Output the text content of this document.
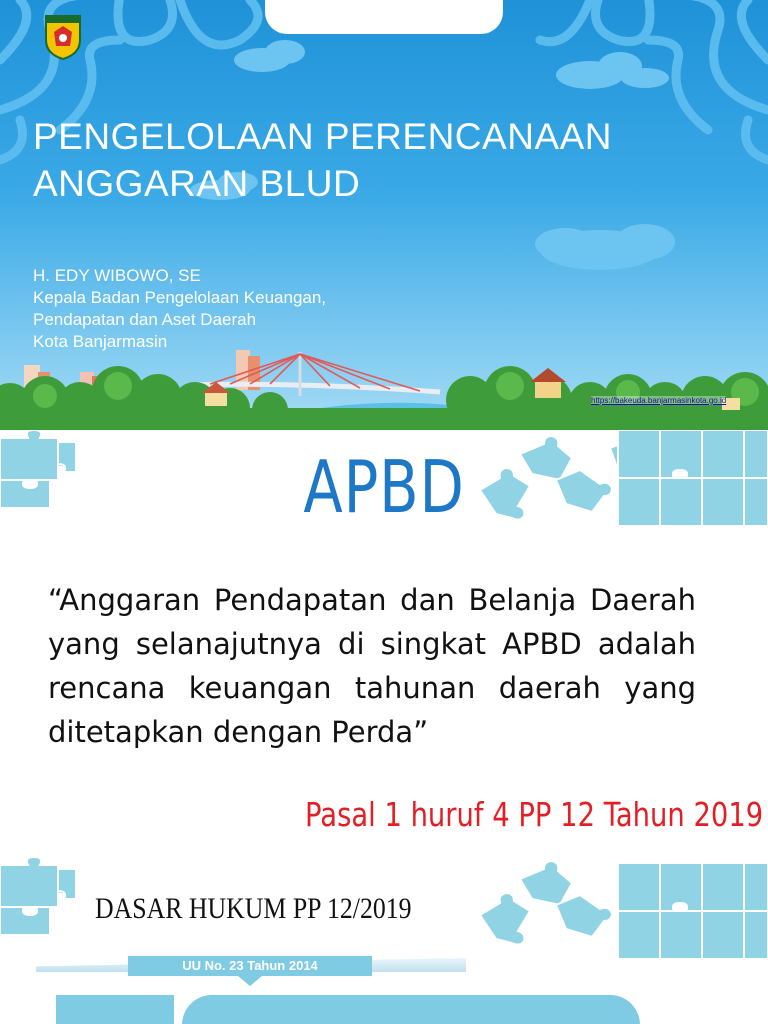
PENGELOLAAN PERENCANAAN
ANGGARAN BLUD
H. EDY WIBOWO, SE
Kepala Badan Pengelolaan Keuangan,
Pendapatan dan Aset Daerah
Kota Banjarmasin
https://bakeuda.banjarmasinkota.go.id
APBD
“Anggaran Pendapatan dan Belanja Daerah yang selanajutnya di singkat APBD adalah rencana keuangan tahunan daerah yang ditetapkan dengan Perda”
Pasal 1 huruf 4 PP 12 Tahun 2019
DASAR HUKUM PP 12/2019
UU No. 23 Tahun 2014
